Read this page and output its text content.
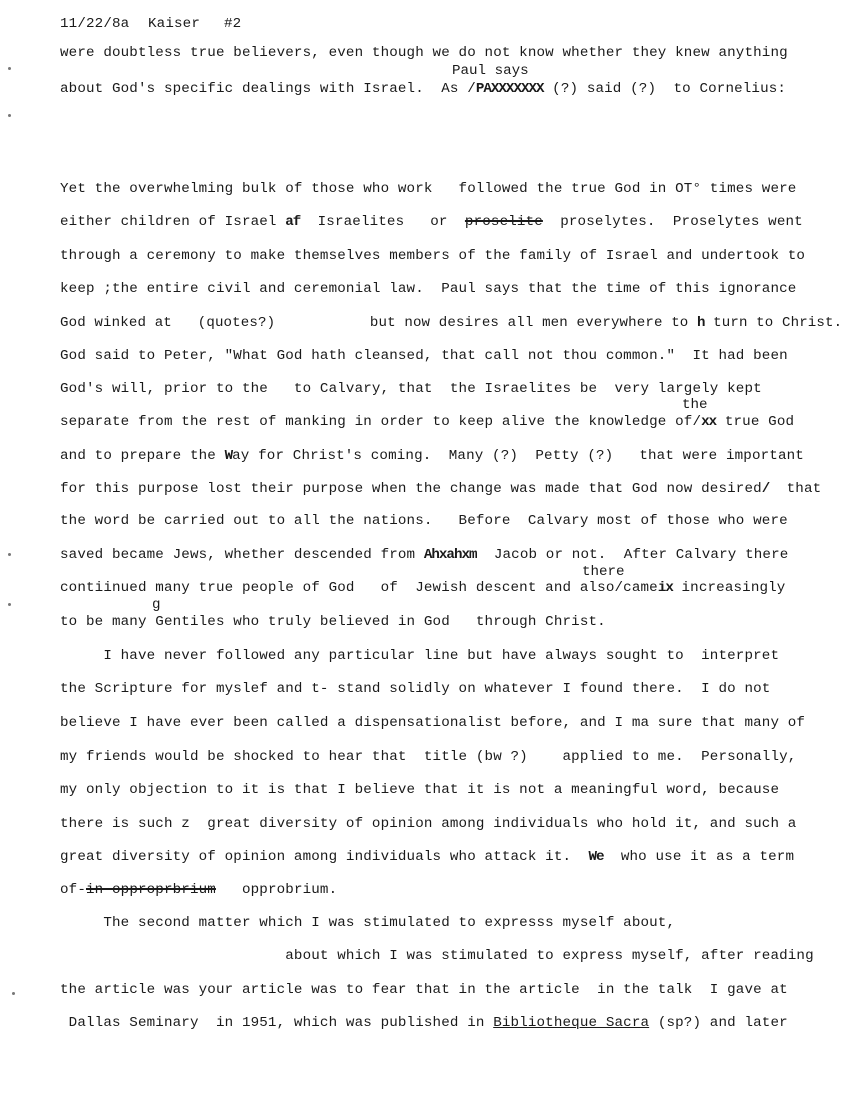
11/22/8a Kaiser #2
were doubtless true believers, even though we do not know whether they knew anything
Paul says
about God's specific dealings with Israel.  As /PAXXXXXXX (?) said (?)  to Cornelius:
Yet the overwhelming bulk of those who work   followed the true God in OT° times were
either children of Israel af  Israelites   or  proselite  proselytes.  Proselytes went
through a ceremony to make themselves members of the family of Israel and undertook to
keep ;the entire civil and ceremonial law.  Paul says that the time of this ignorance
God winked at   (quotes?)           but now desires all men everywhere to h turn to Christ.
God said to Peter, "What God hath cleansed, that call not thou common."  It had been
God's will, prior to the   to Calvary, that  the Israelites be  very largely kept
the
separate from the rest of manking in order to keep alive the knowledge of/xx true God
and to prepare the Way for Christ's coming.  Many (?)  Petty (?)   that were important
for this purpose lost their purpose when the change was made that God now desired/  that
the word be carried out to all the nations.   Before  Calvary most of those who were
saved became Jews, whether descended from Ahxahxm  Jacob or not.  After Calvary there
there
contiinued many true people of God   of  Jewish descent and also/cameix increasingly
g
to be many Gentiles who truly believed in God   through Christ.
I have never followed any particular line but have always sought to  interpret
the Scripture for myslef and t- stand solidly on whatever I found there.  I do not
believe I have ever been called a dispensationalist before, and I ma sure that many of
my friends would be shocked to hear that  title (bw ?)    applied to me.  Personally,
my only objection to it is that I believe that it is not a meaningful word, because
there is such z  great diversity of opinion among individuals who hold it, and such a
great diversity of opinion among individuals who attack it.  We  who use it as a term
of-in opproprbrium   opprobrium.
The second matter which I was stimulated to expresss myself about,
about which I was stimulated to express myself, after reading
the article was your article was to fear that in the article  in the talk  I gave at
Dallas Seminary  in 1951, which was published in Bibliotheque Sacra (sp?) and later
